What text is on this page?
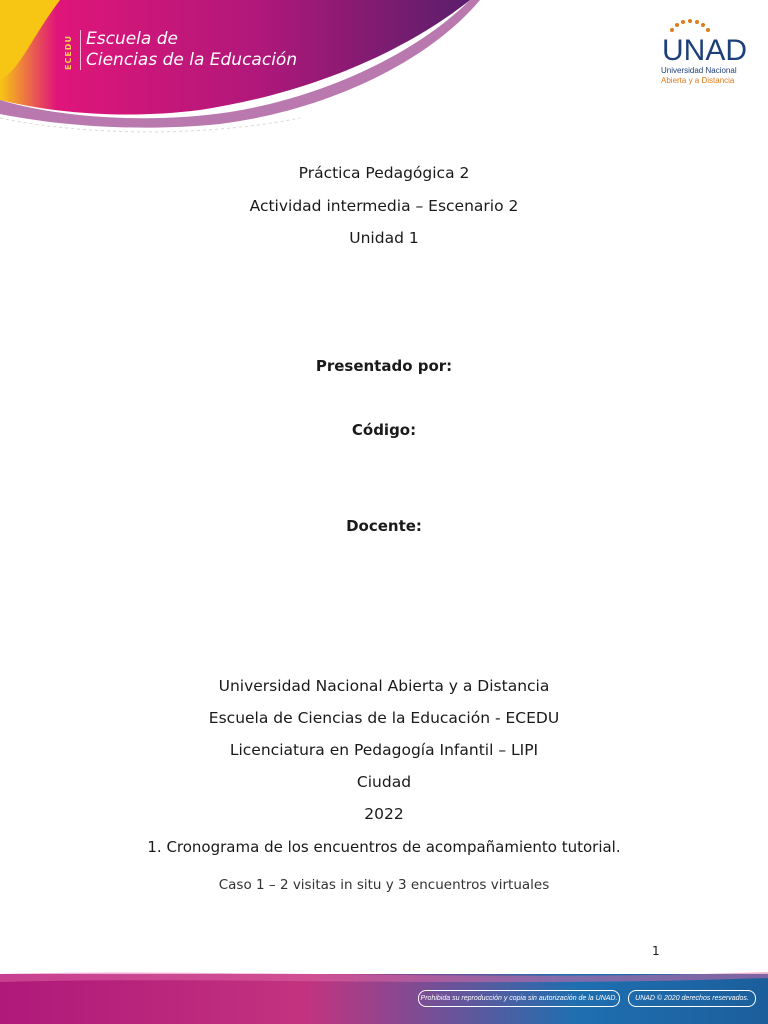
ECEDU Escuela de
Ciencias de la Educación	UNAD
Universidad Nacional
Abierta y a Distancia
Práctica Pedagógica 2
Actividad intermedia – Escenario 2
Unidad 1
Presentado por:
Código:
Docente:
Universidad Nacional Abierta y a Distancia
Escuela de Ciencias de la Educación - ECEDU
Licenciatura en Pedagogía Infantil – LIPI
Ciudad
2022
1. Cronograma de los encuentros de acompañamiento tutorial.
Caso 1 – 2 visitas in situ y 3 encuentros virtuales
1
Prohibida su reproducción y copia sin autorización de la UNAD.	UNAD © 2020 derechos reservados.
